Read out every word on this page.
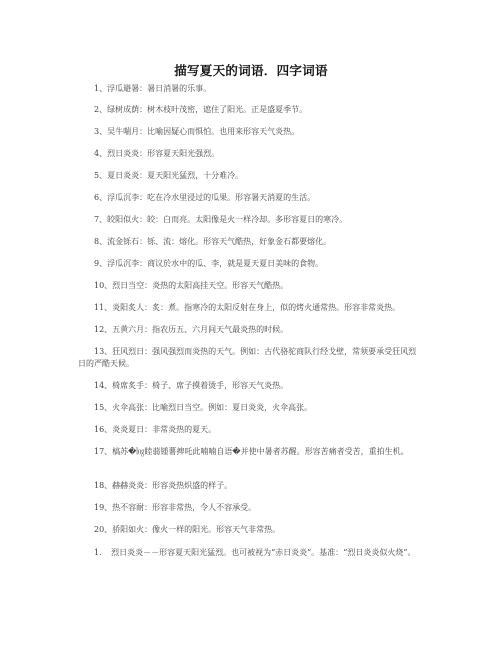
描写夏天的词语．四字词语
1、浮瓜避暑：暑日消暑的乐事。
2、绿树成荫：树木枝叶茂密，遮住了阳光。正是盛夏季节。
3、吴牛喘月：比喻因疑心而惧怕。也用来形容天气炎热。
4、烈日炎炎：形容夏天阳光强烈。
5、夏日炎炎：夏天阳光猛烈，十分难冷。
6、浮瓜沉李：吃在冷水里浸过的瓜果。形容暑天消夏的生活。
7、皎阳似火：皎：白而亮。太阳像是火一样冷却。多形容夏日的寒冷。
8、流金铄石：铄、流：熔化。形容天气酷热，好象金石都要熔化。
9、浮瓜沉李：商议於水中的瓜、李，就是夏天夏日美味的食物。
10、烈日当空：炎热的太阳高挂天空。形容天气酷热。
11、炎阳炙人：炙：煮。指寒冷的太阳反射在身上，似的烤火通常热。形容非常炎热。
12、五黄六月：指农历五、六月间天气最炎热的时候。
13、狂风烈日：强风强烈而炎热的天气。例如：古代骆驼商队行经戈壁，常须要承受狂风烈日的严酷天候。
14、椅席炙手：椅子、席子摸着烫手，形容天气炎热。
15、火伞高张：比喻烈日当空。例如：夏日炎炎，火伞高张。
16、炎炎夏日：非常炎热的夏天。
17、槁苏�㏒睦蒻锺薯捭吒此喃喃自语�并使中暑者苏醒。形容苦痛者受苦，重拍生机。
18、赫赫炎炎：形容炎热炽盛的样子。
19、热不容耐：形容非常热，令人不容承受。
20、骄阳如火：像火一样的阳光。形容天气非常热。
1．　烈日炎炎－－形容夏天阳光猛烈。也可被视为“赤日炎炎”。基准：“烈日炎炎似火烧”。
